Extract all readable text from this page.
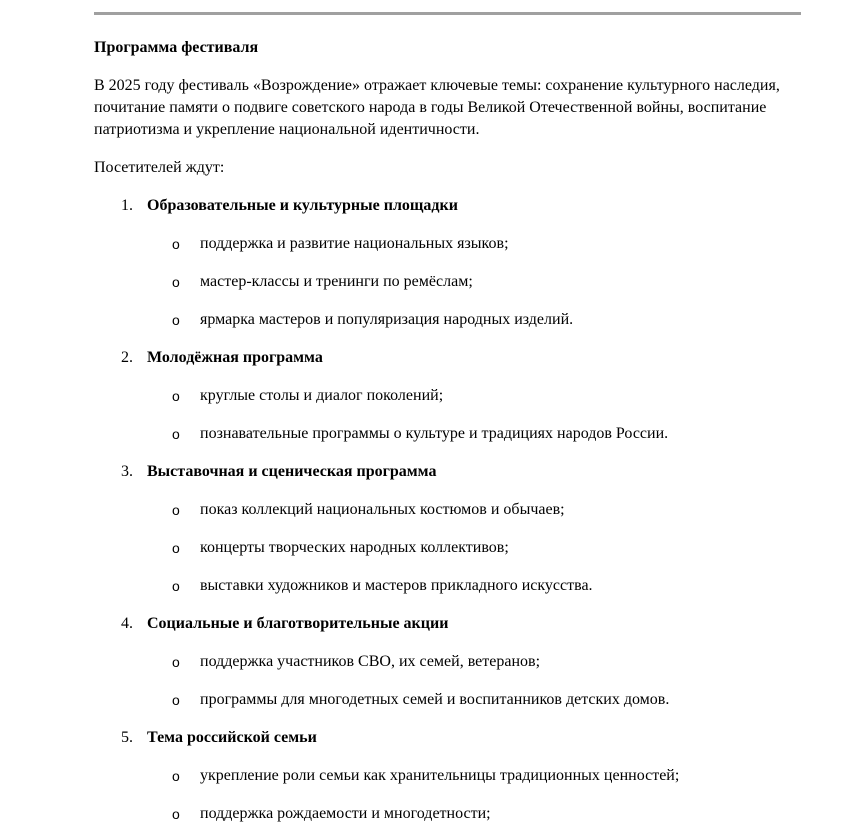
Программа фестиваля

В 2025 году фестиваль «Возрождение» отражает ключевые темы: сохранение культурного наследия, почитание памяти о подвиге советского народа в годы Великой Отечественной войны, воспитание патриотизма и укрепление национальной идентичности.

Посетителей ждут:

1. Образовательные и культурные площадки
o поддержка и развитие национальных языков;
o мастер-классы и тренинги по ремёслам;
o ярмарка мастеров и популяризация народных изделий.
2. Молодёжная программа
o круглые столы и диалог поколений;
o познавательные программы о культуре и традициях народов России.
3. Выставочная и сценическая программа
o показ коллекций национальных костюмов и обычаев;
o концерты творческих народных коллективов;
o выставки художников и мастеров прикладного искусства.
4. Социальные и благотворительные акции
o поддержка участников СВО, их семей, ветеранов;
o программы для многодетных семей и воспитанников детских домов.
5. Тема российской семьи
o укрепление роли семьи как хранительницы традиционных ценностей;
o поддержка рождаемости и многодетности;
